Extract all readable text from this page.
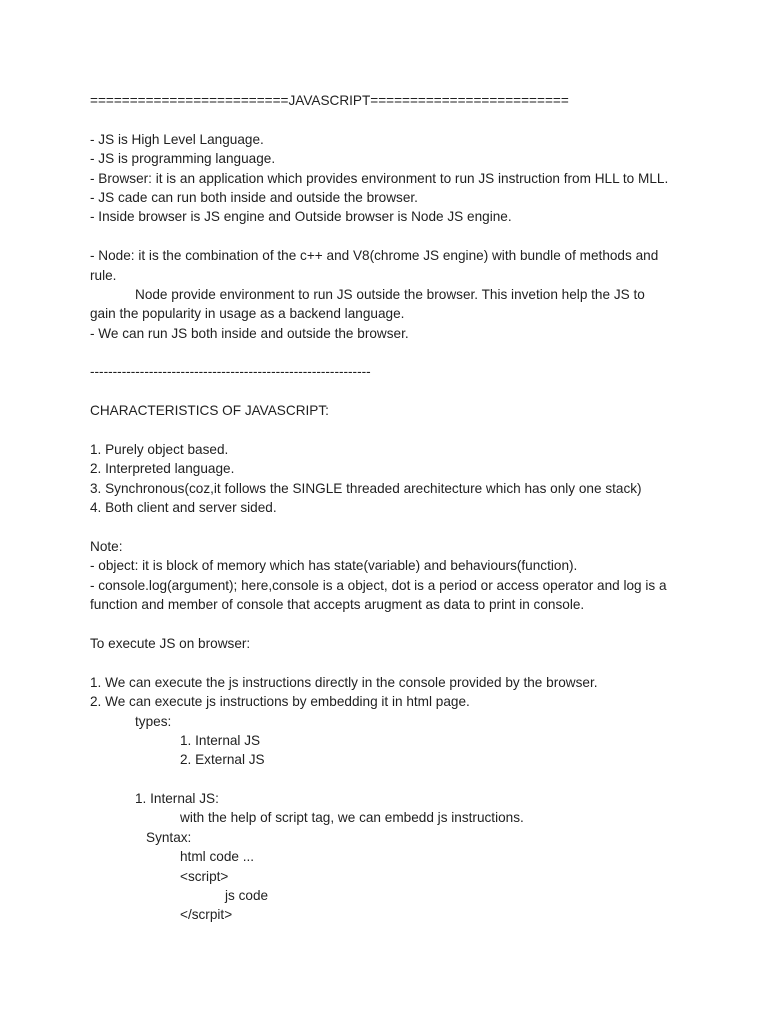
=========================JAVASCRIPT=========================
- JS is High Level Language.
- JS is programming language.
- Browser: it is an application which provides environment to run JS instruction from HLL to MLL.
- JS cade can run both inside and outside the browser.
- Inside browser is JS engine and Outside browser is Node JS engine.
- Node: it is the combination of the c++ and V8(chrome JS engine) with bundle of methods and
rule.
Node provide environment to run JS outside the browser. This invetion help the JS to
gain the popularity in usage as a backend language.
- We can run JS both inside and outside the browser.
--------------------------------------------------------------
CHARACTERISTICS OF JAVASCRIPT:
1. Purely object based.
2. Interpreted language.
3. Synchronous(coz,it follows the SINGLE threaded arechitecture which has only one stack)
4. Both client and server sided.
Note:
- object: it is block of memory which has state(variable) and behaviours(function).
- console.log(argument); here,console is a object, dot is a period or access operator and log is a
function and member of console that accepts arugment as data to print in console.
To execute JS on browser:
1. We can execute the js instructions directly in the console provided by the browser.
2. We can execute js instructions by embedding it in html page.
types:
1. Internal JS
2. External JS
1. Internal JS:
with the help of script tag, we can embedd js instructions.
Syntax:
html code ...
<script>
js code
</scrpit>
